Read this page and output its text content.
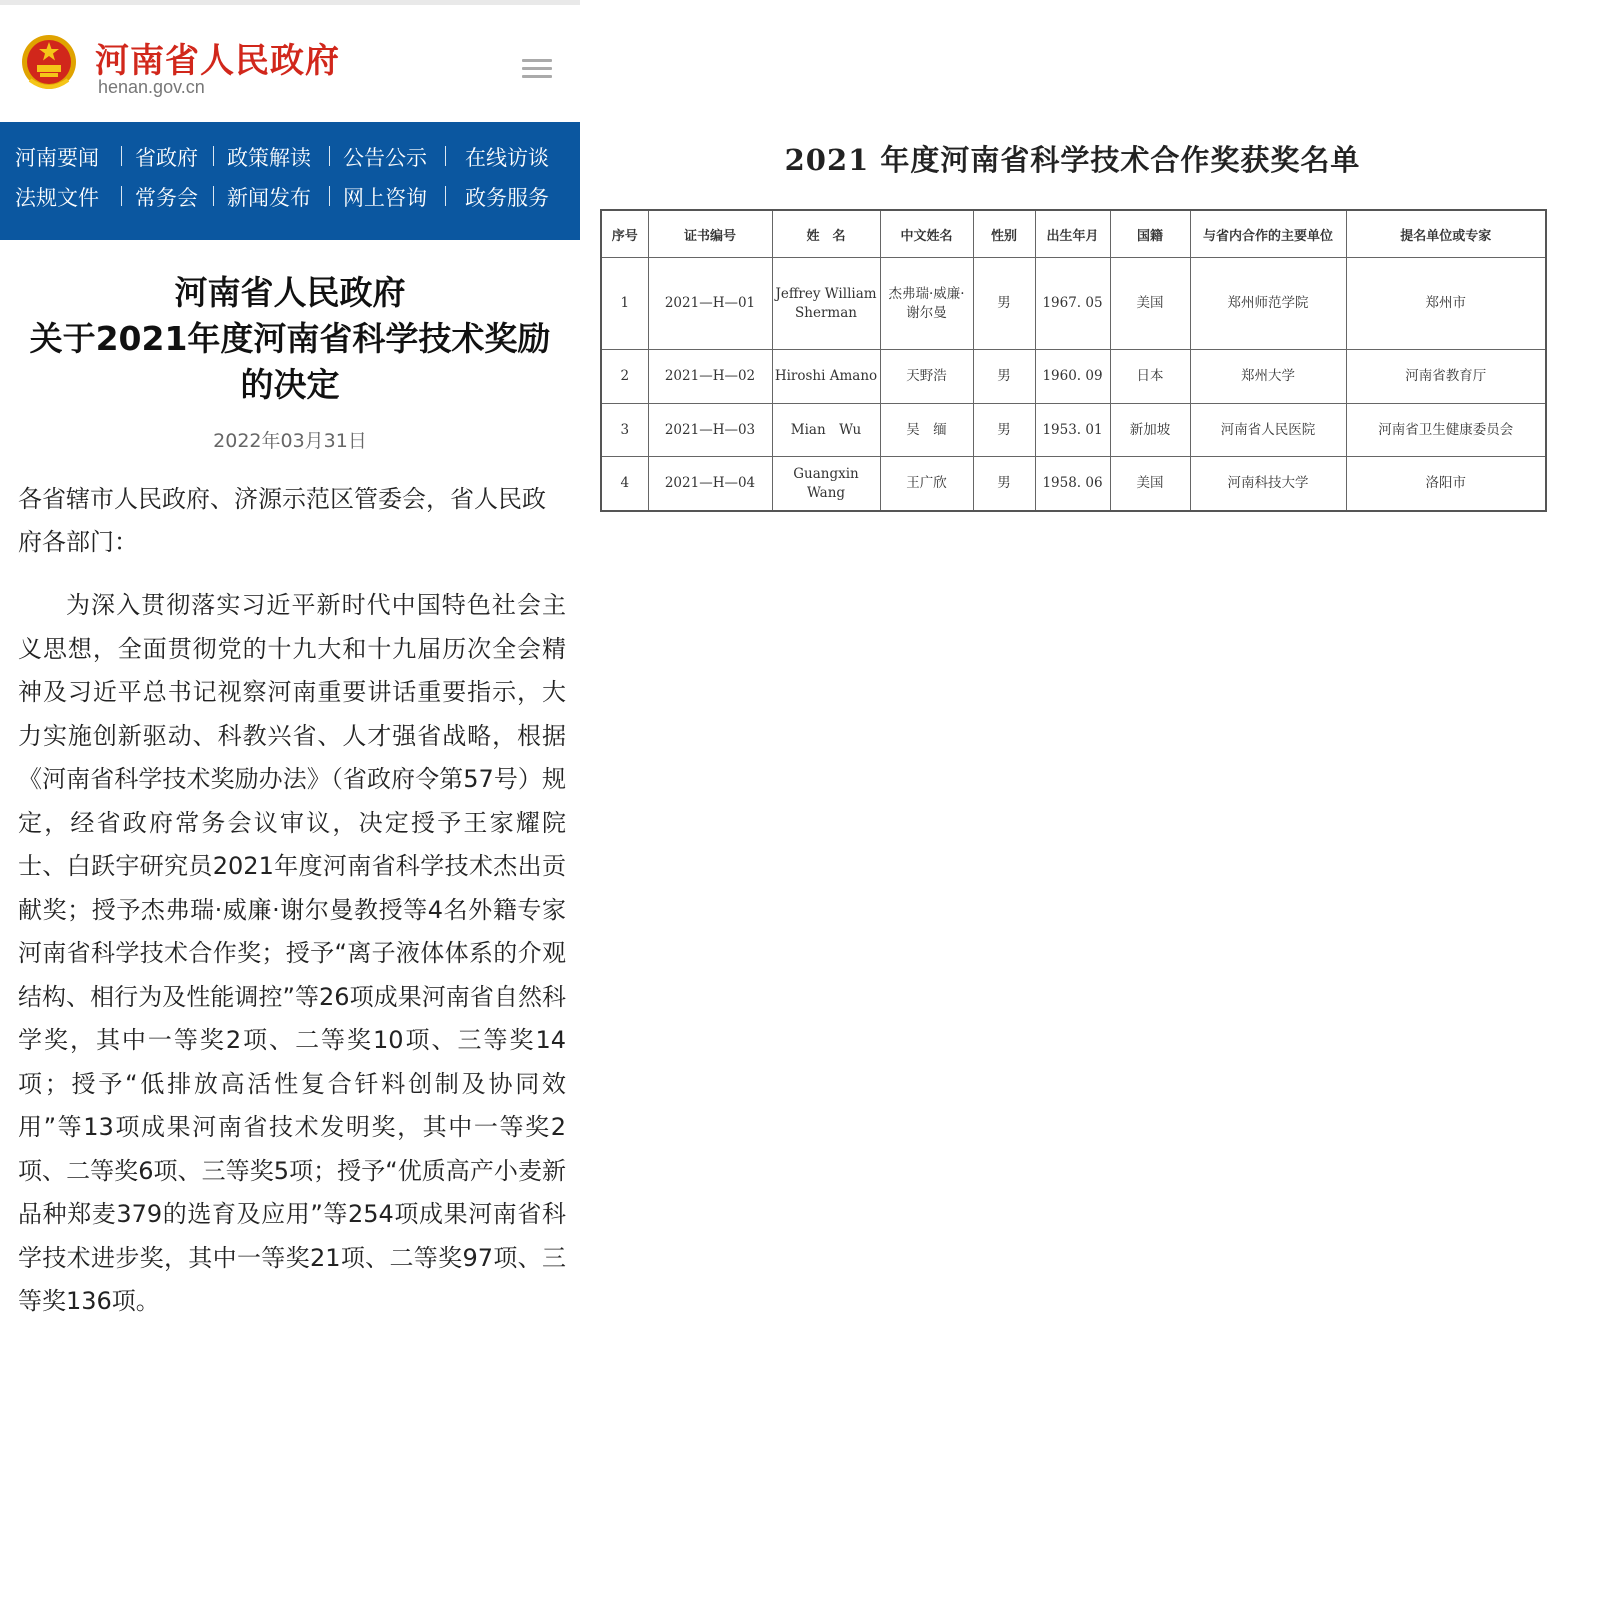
河南省人民政府
henan.gov.cn
河南要闻 省政府 政策解读 公告公示 在线访谈
法规文件 常务会 新闻发布 网上咨询 政务服务
河南省人民政府
关于2021年度河南省科学技术奖励
的决定
2022年03月31日
各省辖市人民政府、济源示范区管委会，省人民政府各部门：
为深入贯彻落实习近平新时代中国特色社会主义思想，全面贯彻党的十九大和十九届历次全会精神及习近平总书记视察河南重要讲话重要指示，大力实施创新驱动、科教兴省、人才强省战略，根据《河南省科学技术奖励办法》（省政府令第57号）规定，经省政府常务会议审议，决定授予王家耀院士、白跃宇研究员2021年度河南省科学技术杰出贡献奖；授予杰弗瑞·威廉·谢尔曼教授等4名外籍专家河南省科学技术合作奖；授予“离子液体体系的介观结构、相行为及性能调控”等26项成果河南省自然科学奖，其中一等奖2项、二等奖10项、三等奖14项；授予“低排放高活性复合钎料创制及协同效用”等13项成果河南省技术发明奖，其中一等奖2项、二等奖6项、三等奖5项；授予“优质高产小麦新品种郑麦379的选育及应用”等254项成果河南省科学技术进步奖，其中一等奖21项、二等奖97项、三等奖136项。
2021 年度河南省科学技术合作奖获奖名单
序号	证书编号	姓　名	中文姓名	性别	出生年月	国籍	与省内合作的主要单位	提名单位或专家
1	2021—H—01	Jeffrey William Sherman	杰弗瑞·威廉·谢尔曼	男	1967. 05	美国	郑州师范学院	郑州市
2	2021—H—02	Hiroshi Amano	天野浩	男	1960. 09	日本	郑州大学	河南省教育厅
3	2021—H—03	Mian　Wu	吴　缅	男	1953. 01	新加坡	河南省人民医院	河南省卫生健康委员会
4	2021—H—04	Guangxin Wang	王广欣	男	1958. 06	美国	河南科技大学	洛阳市
